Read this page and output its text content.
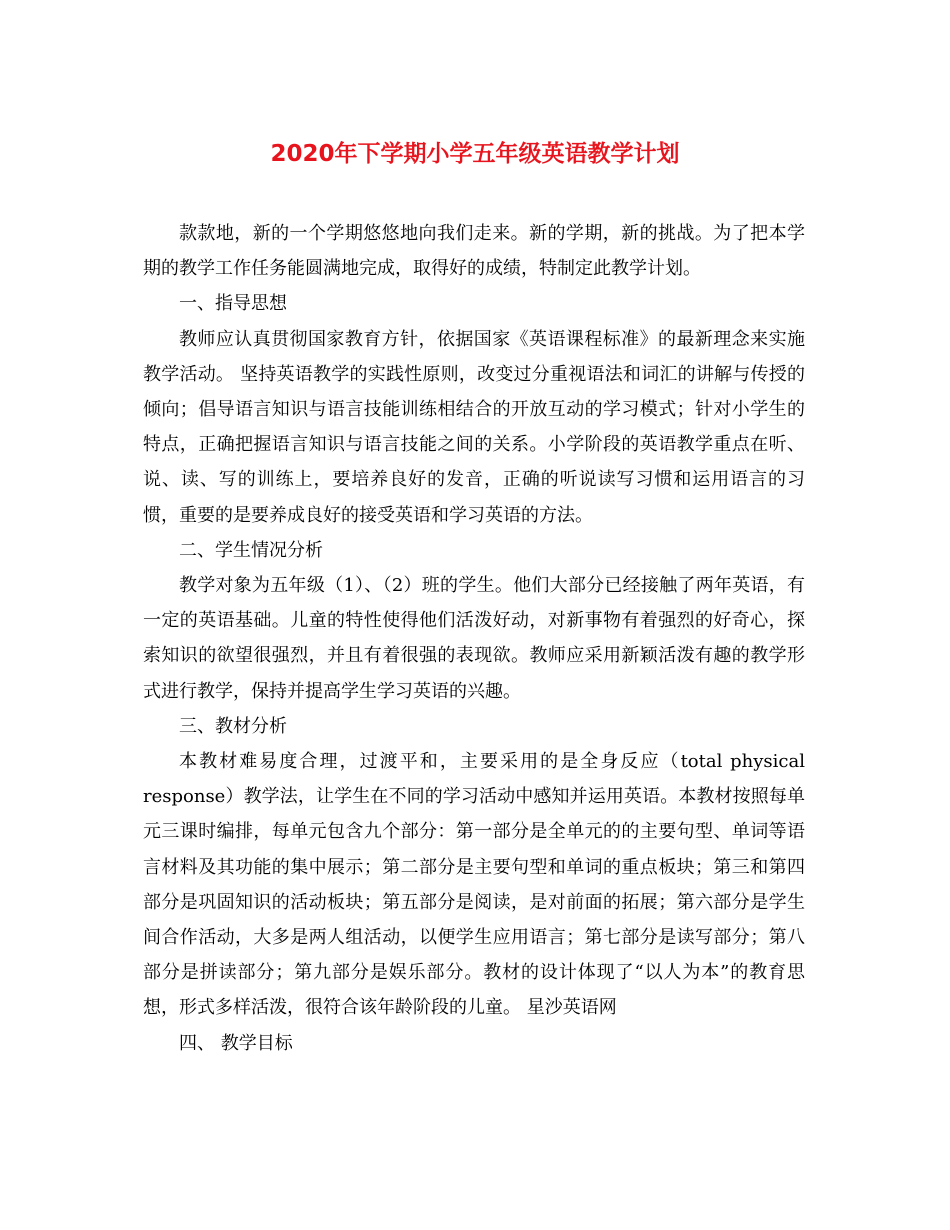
2020年下学期小学五年级英语教学计划

款款地，新的一个学期悠悠地向我们走来。新的学期，新的挑战。为了把本学期的教学工作任务能圆满地完成，取得好的成绩，特制定此教学计划。

一、指导思想

教师应认真贯彻国家教育方针，依据国家《英语课程标准》的最新理念来实施教学活动。 坚持英语教学的实践性原则，改变过分重视语法和词汇的讲解与传授的倾向；倡导语言知识与语言技能训练相结合的开放互动的学习模式；针对小学生的特点，正确把握语言知识与语言技能之间的关系。小学阶段的英语教学重点在听、说、读、写的训练上，要培养良好的发音，正确的听说读写习惯和运用语言的习惯，重要的是要养成良好的接受英语和学习英语的方法。

二、学生情况分析

教学对象为五年级（1）、（2）班的学生。他们大部分已经接触了两年英语，有一定的英语基础。儿童的特性使得他们活泼好动，对新事物有着强烈的好奇心，探索知识的欲望很强烈，并且有着很强的表现欲。教师应采用新颖活泼有趣的教学形式进行教学，保持并提高学生学习英语的兴趣。

三、教材分析

本教材难易度合理，过渡平和，主要采用的是全身反应（total physical response）教学法，让学生在不同的学习活动中感知并运用英语。本教材按照每单元三课时编排，每单元包含九个部分：第一部分是全单元的的主要句型、单词等语言材料及其功能的集中展示；第二部分是主要句型和单词的重点板块；第三和第四部分是巩固知识的活动板块；第五部分是阅读，是对前面的拓展；第六部分是学生间合作活动，大多是两人组活动，以便学生应用语言；第七部分是读写部分；第八部分是拼读部分；第九部分是娱乐部分。教材的设计体现了“以人为本”的教育思想，形式多样活泼，很符合该年龄阶段的儿童。 星沙英语网

四、 教学目标
